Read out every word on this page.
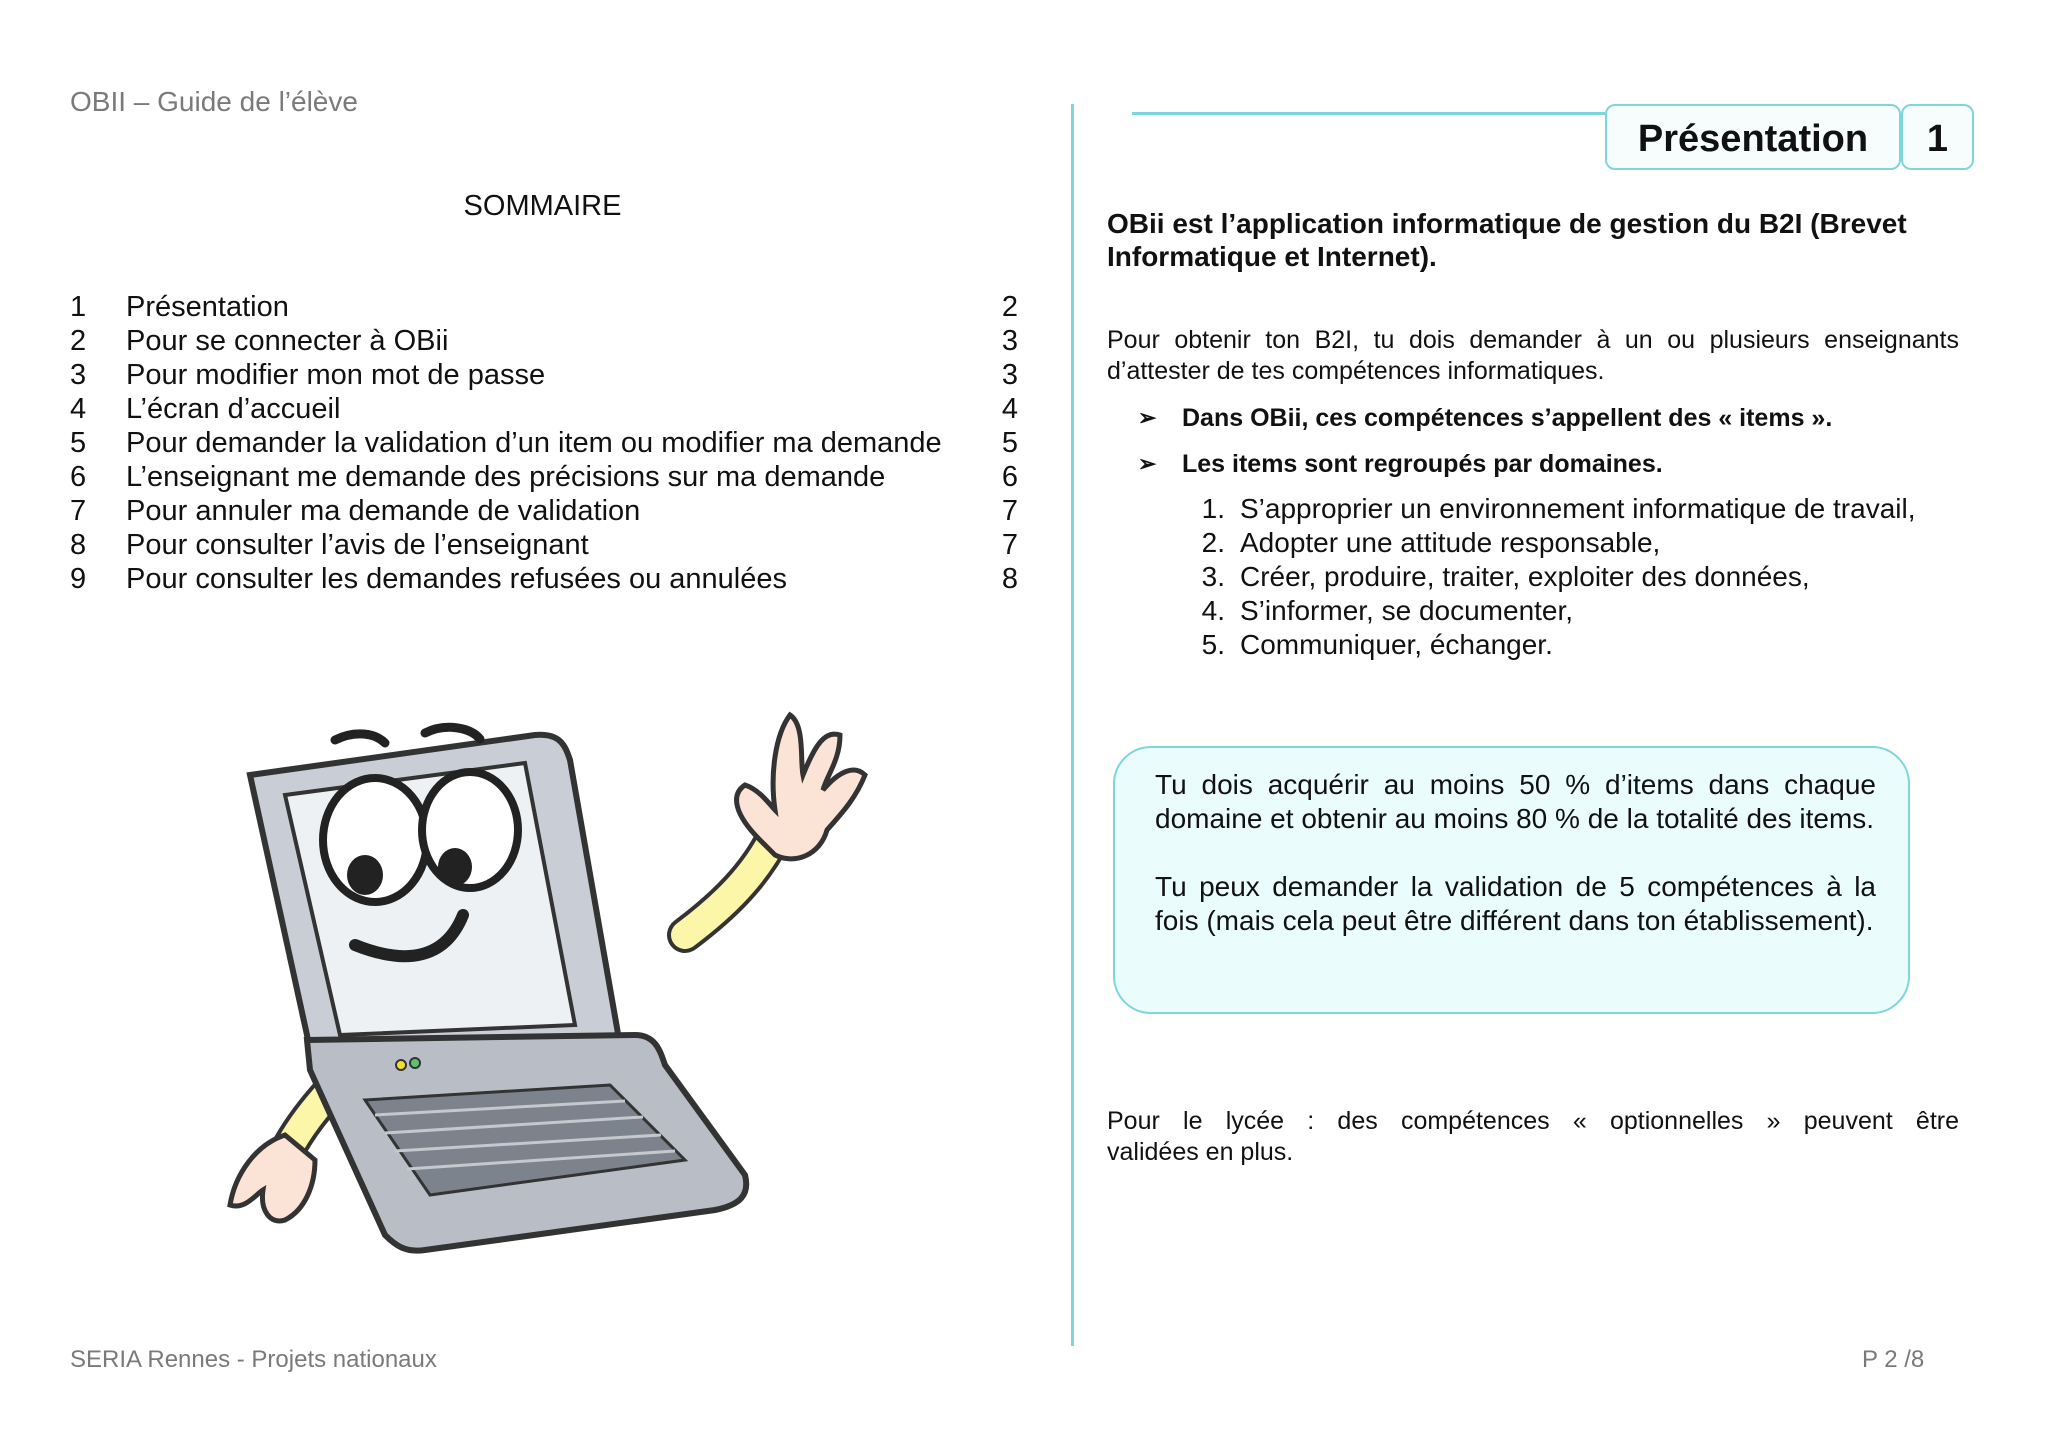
OBII – Guide de l’élève
SOMMAIRE
1	Présentation	2
2	Pour se connecter à OBii	3
3	Pour modifier mon mot de passe	3
4	L’écran d’accueil	4
5	Pour demander la validation d’un item ou modifier ma demande	5
6	L’enseignant me demande des précisions sur ma demande	6
7	Pour annuler ma demande de validation	7
8	Pour consulter l’avis de l’enseignant	7
9	Pour consulter les demandes refusées ou annulées	8
Présentation	1
OBii est l’application informatique de gestion du B2I (Brevet Informatique et Internet).
Pour obtenir ton B2I, tu dois demander à un ou plusieurs enseignants d’attester de tes compétences informatiques.
➢	Dans OBii, ces compétences s’appellent des « items ».
➢	Les items sont regroupés par domaines.
1. S’approprier un environnement informatique de travail,
2. Adopter une attitude responsable,
3. Créer, produire, traiter, exploiter des données,
4. S’informer, se documenter,
5. Communiquer, échanger.

Tu dois acquérir au moins 50 % d’items dans chaque domaine et obtenir au moins 80 % de la totalité des items.

Tu peux demander la validation de 5 compétences à la fois (mais cela peut être différent dans ton établissement).

Pour le lycée : des compétences « optionnelles » peuvent être
validées en plus.
SERIA Rennes - Projets nationaux	P 2 /8
